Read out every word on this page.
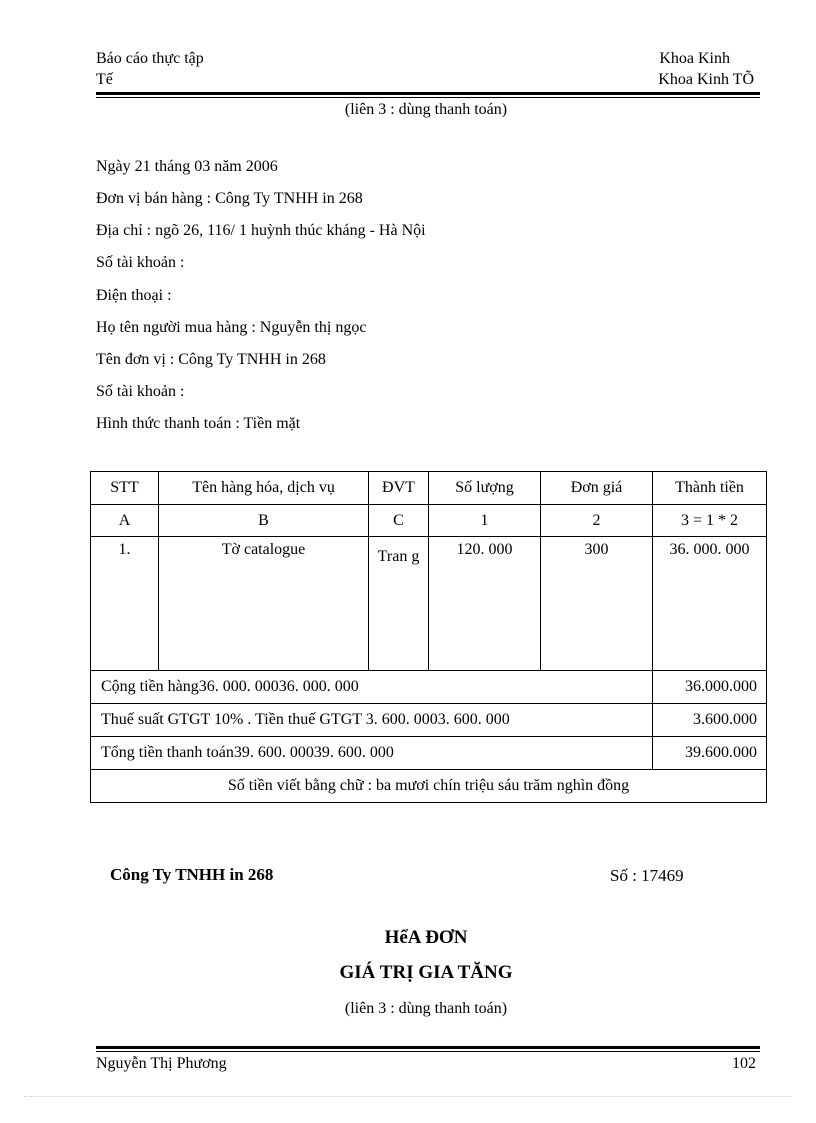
Báo cáo thực tập
Tế
Khoa Kinh
Khoa Kinh TÕ
(liên 3 : dùng thanh toán)
Ngày 21 tháng 03 năm 2006
Đơn vị bán hàng : Công Ty TNHH in 268
Địa chỉ : ngõ 26, 116/ 1 huỳnh thúc kháng - Hà Nội
Số tài khoản :
Điện thoại :
Họ tên người mua hàng : Nguyễn thị ngọc
Tên đơn vị : Công Ty TNHH in 268
Số tài khoản :
Hình thức thanh toán : Tiền mặt
STT	Tên hàng hóa, dịch vụ	ĐVT	Số lượng	Đơn giá	Thành tiền
A	B	C	1	2	3 = 1 * 2
1.	Tờ catalogue	Tran g	120. 000	300	36. 000. 000
Cộng tiền hàng36. 000. 00036. 000. 000					36.000.000
Thuế suất GTGT 10% . Tiền thuế GTGT 3. 600. 0003. 600. 000					3.600.000
Tổng tiền thanh toán39. 600. 00039. 600. 000					39.600.000
Số tiền viết bằng chữ : ba mươi chín triệu sáu trăm nghìn đồng					
Công Ty TNHH in 268	Số : 17469
HểA ĐƠN
GIÁ TRỊ GIA TĂNG
(liên 3 : dùng thanh toán)
Nguyễn Thị Phương	102
